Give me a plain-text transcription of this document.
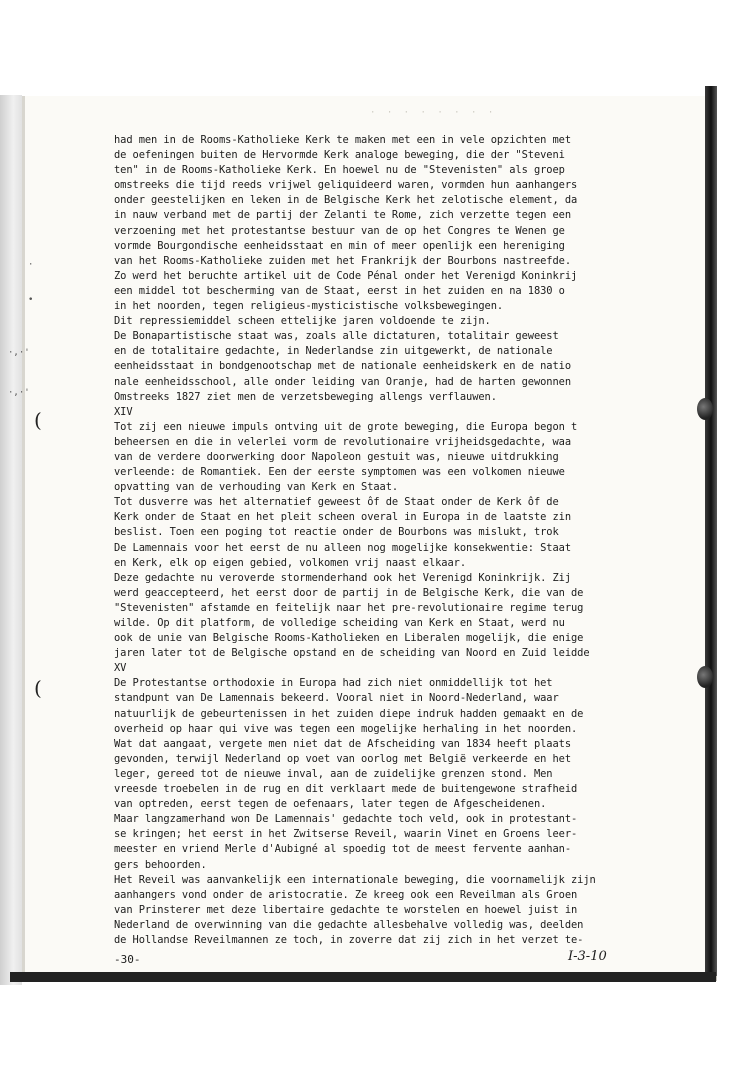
(
(
·,·'
·,·'
•
·
· · · · · · · ·
had men in de Rooms-Katholieke Kerk te maken met een in vele opzichten met
de oefeningen buiten de Hervormde Kerk analoge beweging, die der "Steveni
ten" in de Rooms-Katholieke Kerk. En hoewel nu de "Stevenisten" als groep
omstreeks die tijd reeds vrijwel geliquideerd waren, vormden hun aanhangers
onder geestelijken en leken in de Belgische Kerk het zelotische element, da
in nauw verband met de partij der Zelanti te Rome, zich verzette tegen een
verzoening met het protestantse bestuur van de op het Congres te Wenen ge
vormde Bourgondische eenheidsstaat en min of meer openlijk een hereniging
van het Rooms-Katholieke zuiden met het Frankrijk der Bourbons nastreefde.
Zo werd het beruchte artikel uit de Code Pénal onder het Verenigd Koninkrij
een middel tot bescherming van de Staat, eerst in het zuiden en na 1830 o
in het noorden, tegen religieus-mysticistische volksbewegingen.
Dit repressiemiddel scheen ettelijke jaren voldoende te zijn.
De Bonapartistische staat was, zoals alle dictaturen, totalitair geweest
en de totalitaire gedachte, in Nederlandse zin uitgewerkt, de nationale
eenheidsstaat in bondgenootschap met de nationale eenheidskerk en de natio
nale eenheidsschool, alle onder leiding van Oranje, had de harten gewonnen
Omstreeks 1827 ziet men de verzetsbeweging allengs verflauwen.
XIV
Tot zij een nieuwe impuls ontving uit de grote beweging, die Europa begon t
beheersen en die in velerlei vorm de revolutionaire vrijheidsgedachte, waa
van de verdere doorwerking door Napoleon gestuit was, nieuwe uitdrukking
verleende: de Romantiek. Een der eerste symptomen was een volkomen nieuwe
opvatting van de verhouding van Kerk en Staat.
Tot dusverre was het alternatief geweest ôf de Staat onder de Kerk ôf de
Kerk onder de Staat en het pleit scheen overal in Europa in de laatste zin
beslist. Toen een poging tot reactie onder de Bourbons was mislukt, trok
De Lamennais voor het eerst de nu alleen nog mogelijke konsekwentie: Staat
en Kerk, elk op eigen gebied, volkomen vrij naast elkaar.
Deze gedachte nu veroverde stormenderhand ook het Verenigd Koninkrijk. Zij
werd geaccepteerd, het eerst door de partij in de Belgische Kerk, die van de
"Stevenisten" afstamde en feitelijk naar het pre-revolutionaire regime terug
wilde. Op dit platform, de volledige scheiding van Kerk en Staat, werd nu
ook de unie van Belgische Rooms-Katholieken en Liberalen mogelijk, die enige
jaren later tot de Belgische opstand en de scheiding van Noord en Zuid leidde
XV
De Protestantse orthodoxie in Europa had zich niet onmiddellijk tot het
standpunt van De Lamennais bekeerd. Vooral niet in Noord-Nederland, waar
natuurlijk de gebeurtenissen in het zuiden diepe indruk hadden gemaakt en de
overheid op haar qui vive was tegen een mogelijke herhaling in het noorden.
Wat dat aangaat, vergete men niet dat de Afscheiding van 1834 heeft plaats
gevonden, terwijl Nederland op voet van oorlog met België verkeerde en het
leger, gereed tot de nieuwe inval, aan de zuidelijke grenzen stond. Men
vreesde troebelen in de rug en dit verklaart mede de buitengewone strafheid
van optreden, eerst tegen de oefenaars, later tegen de Afgescheidenen.
Maar langzamerhand won De Lamennais' gedachte toch veld, ook in protestant-
se kringen; het eerst in het Zwitserse Reveil, waarin Vinet en Groens leer-
meester en vriend Merle d'Aubigné al spoedig tot de meest fervente aanhan-
gers behoorden.
Het Reveil was aanvankelijk een internationale beweging, die voornamelijk zijn
aanhangers vond onder de aristocratie. Ze kreeg ook een Reveilman als Groen
van Prinsterer met deze libertaire gedachte te worstelen en hoewel juist in
Nederland de overwinning van die gedachte allesbehalve volledig was, deelden
de Hollandse Reveilmannen ze toch, in zoverre dat zij zich in het verzet te-
-30-	I-3-10
